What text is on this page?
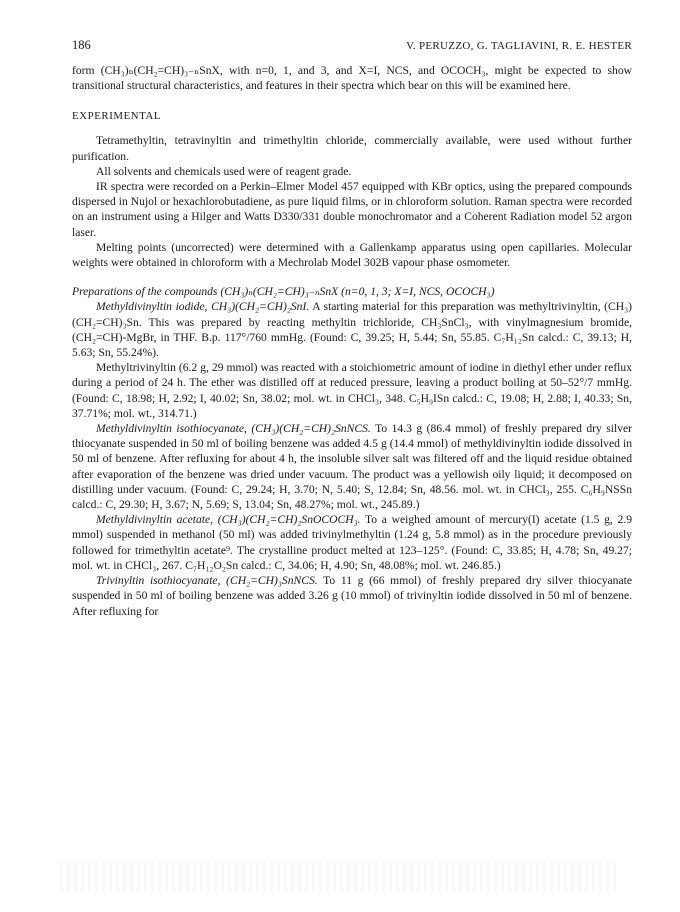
186	V. PERUZZO, G. TAGLIAVINI, R. E. HESTER

form (CH₃)ₙ(CH₂=CH)₃₋ₙSnX, with n=0, 1, and 3, and X=I, NCS, and OCOCH₃, might be expected to show transitional structural characteristics, and features in their spectra which bear on this will be examined here.

EXPERIMENTAL

Tetramethyltin, tetravinyltin and trimethyltin chloride, commercially available, were used without further purification.

All solvents and chemicals used were of reagent grade.

IR spectra were recorded on a Perkin–Elmer Model 457 equipped with KBr optics, using the prepared compounds dispersed in Nujol or hexachlorobutadiene, as pure liquid films, or in chloroform solution. Raman spectra were recorded on an instrument using a Hilger and Watts D330/331 double monochromator and a Coherent Radiation model 52 argon laser.

Melting points (uncorrected) were determined with a Gallenkamp apparatus using open capillaries. Molecular weights were obtained in chloroform with a Mechrolab Model 302B vapour phase osmometer.

Preparations of the compounds (CH₃)ₙ(CH₂=CH)₃₋ₙSnX (n=0, 1, 3; X=I, NCS, OCOCH₃)

Methyldivinyltin iodide, CH₃)(CH₂=CH)₂SnI. A starting material for this preparation was methyltrivinyltin, (CH₃)(CH₂=CH)₃Sn. This was prepared by reacting methyltin trichloride, CH₃SnCl₃, with vinylmagnesium bromide, (CH₂=CH)-MgBr, in THF. B.p. 117°/760 mmHg. (Found: C, 39.25; H, 5.44; Sn, 55.85. C₇H₁₂Sn calcd.: C, 39.13; H, 5.63; Sn, 55.24%).

Methyltrivinyltin (6.2 g, 29 mmol) was reacted with a stoichiometric amount of iodine in diethyl ether under reflux during a period of 24 h. The ether was distilled off at reduced pressure, leaving a product boiling at 50–52°/7 mmHg. (Found: C, 18.98; H, 2.92; I, 40.02; Sn, 38.02; mol. wt. in CHCl₃, 348. C₅H₉ISn calcd.: C, 19.08; H, 2.88; I, 40.33; Sn, 37.71%; mol. wt., 314.71.)

Methyldivinyltin isothiocyanate, (CH₃)(CH₂=CH)₂SnNCS. To 14.3 g (86.4 mmol) of freshly prepared dry silver thiocyanate suspended in 50 ml of boiling benzene was added 4.5 g (14.4 mmol) of methyldivinyltin iodide dissolved in 50 ml of benzene. After refluxing for about 4 h, the insoluble silver salt was filtered off and the liquid residue obtained after evaporation of the benzene was dried under vacuum. The product was a yellowish oily liquid; it decomposed on distilling under vacuum. (Found: C, 29.24; H, 3.70; N, 5.40; S, 12.84; Sn, 48.56. mol. wt. in CHCl₃, 255. C₆H₉NSSn calcd.: C, 29.30; H, 3.67; N, 5.69; S, 13.04; Sn, 48.27%; mol. wt., 245.89.)

Methyldivinyltin acetate, (CH₃)(CH₂=CH)₂SnOCOCH₃. To a weighed amount of mercury(I) acetate (1.5 g, 2.9 mmol) suspended in methanol (50 ml) was added trivinylmethyltin (1.24 g, 5.8 mmol) as in the procedure previously followed for trimethyltin acetate⁹. The crystalline product melted at 123–125°. (Found: C, 33.85; H, 4.78; Sn, 49.27; mol. wt. in CHCl₃, 267. C₇H₁₂O₂Sn calcd.: C, 34.06; H, 4.90; Sn, 48.08%; mol. wt. 246.85.)

Trivinyltin isothiocyanate, (CH₂=CH)₃SnNCS. To 11 g (66 mmol) of freshly prepared dry silver thiocyanate suspended in 50 ml of boiling benzene was added 3.26 g (10 mmol) of trivinyltin iodide dissolved in 50 ml of benzene. After refluxing for
